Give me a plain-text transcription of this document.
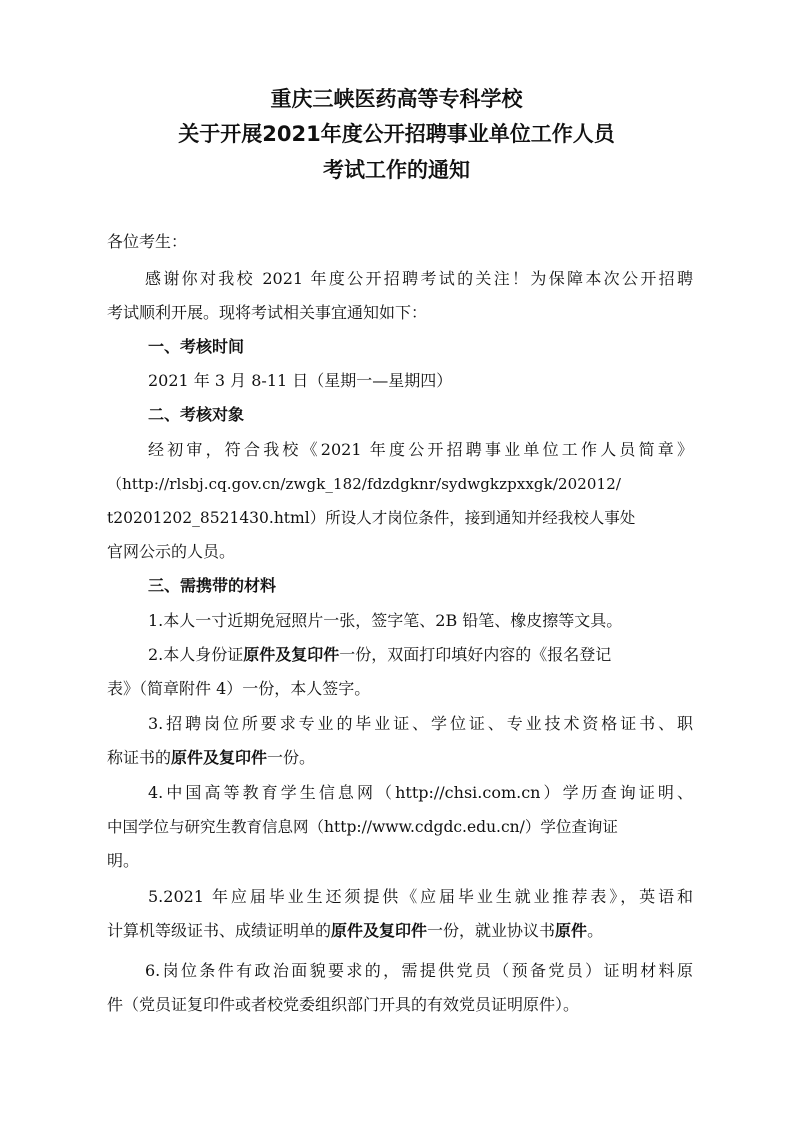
重庆三峡医药高等专科学校
关于开展2021年度公开招聘事业单位工作人员
考试工作的通知
各位考生：
感谢你对我校 2021 年度公开招聘考试的关注！为保障本次公开招聘
考试顺利开展。现将考试相关事宜通知如下：
一、考核时间
2021 年 3 月 8-11 日（星期一—星期四）
二、考核对象
经初审，符合我校《2021 年度公开招聘事业单位工作人员简章》
（http://rlsbj.cq.gov.cn/zwgk_182/fdzdgknr/sydwgkzpxxgk/202012/
t20201202_8521430.html）所设人才岗位条件，接到通知并经我校人事处
官网公示的人员。
三、需携带的材料
1.本人一寸近期免冠照片一张，签字笔、2B 铅笔、橡皮擦等文具。
2.本人身份证原件及复印件一份，双面打印填好内容的《报名登记
表》（简章附件 4）一份，本人签字。
3.招聘岗位所要求专业的毕业证、学位证、专业技术资格证书、职
称证书的原件及复印件一份。
4.中国高等教育学生信息网（http://chsi.com.cn）学历查询证明、
中国学位与研究生教育信息网（http://www.cdgdc.edu.cn/）学位查询证
明。
5.2021 年应届毕业生还须提供《应届毕业生就业推荐表》，英语和
计算机等级证书、成绩证明单的原件及复印件一份，就业协议书原件。
6.岗位条件有政治面貌要求的，需提供党员（预备党员）证明材料原
件（党员证复印件或者校党委组织部门开具的有效党员证明原件）。
